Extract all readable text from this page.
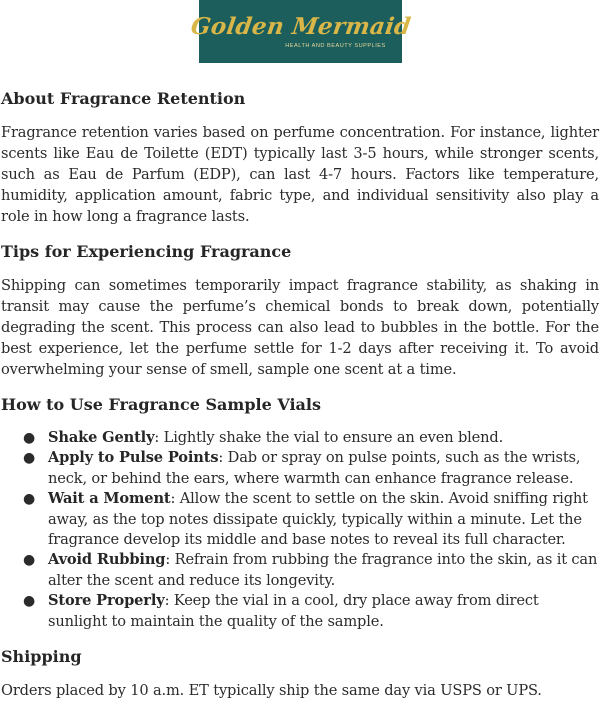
Golden Mermaid
HEALTH AND BEAUTY SUPPLIES
About Fragrance Retention

Fragrance retention varies based on perfume concentration. For instance, lighter scents like Eau de Toilette (EDT) typically last 3-5 hours, while stronger scents, such as Eau de Parfum (EDP), can last 4-7 hours. Factors like temperature, humidity, application amount, fabric type, and individual sensitivity also play a role in how long a fragrance lasts.

Tips for Experiencing Fragrance

Shipping can sometimes temporarily impact fragrance stability, as shaking in transit may cause the perfume’s chemical bonds to break down, potentially degrading the scent. This process can also lead to bubbles in the bottle. For the best experience, let the perfume settle for 1-2 days after receiving it. To avoid overwhelming your sense of smell, sample one scent at a time.

How to Use Fragrance Sample Vials
● Shake Gently: Lightly shake the vial to ensure an even blend.
● Apply to Pulse Points: Dab or spray on pulse points, such as the wrists, neck, or behind the ears, where warmth can enhance fragrance release.
● Wait a Moment: Allow the scent to settle on the skin. Avoid sniffing right away, as the top notes dissipate quickly, typically within a minute. Let the fragrance develop its middle and base notes to reveal its full character.
● Avoid Rubbing: Refrain from rubbing the fragrance into the skin, as it can alter the scent and reduce its longevity.
● Store Properly: Keep the vial in a cool, dry place away from direct sunlight to maintain the quality of the sample.
Shipping

Orders placed by 10 a.m. ET typically ship the same day via USPS or UPS.
